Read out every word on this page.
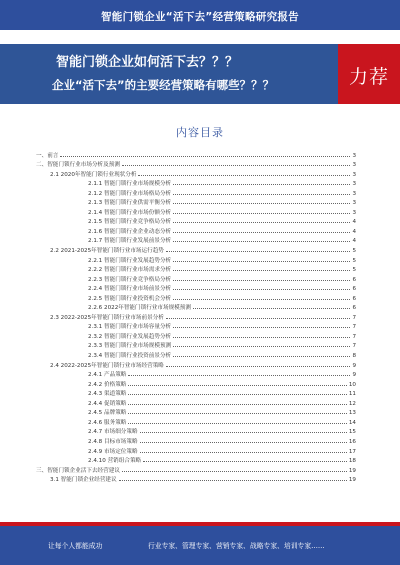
智能门锁企业“活下去”经营策略研究报告
智能门锁企业如何活下去？？？
企业“活下去”的主要经营策略有哪些？？？	力荐
内容目录
一、前言	3
二、智能门锁行业市场分析及预测	3
2.1 2020年智能门锁行业现状分析	3
2.1.1 智能门锁行业市场规模分析	3
2.1.2 智能门锁行业市场格局分析	3
2.1.3 智能门锁行业供需平衡分析	3
2.1.4 智能门锁行业市场份额分析	3
2.1.5 智能门锁行业竞争格局分析	4
2.1.6 智能门锁行业企业动态分析	4
2.1.7 智能门锁行业发展前景分析	4
2.2 2021-2025年智能门锁行业市场运行趋势	5
2.2.1 智能门锁行业发展趋势分析	5
2.2.2 智能门锁行业市场需求分析	5
2.2.3 智能门锁行业竞争格局分析	6
2.2.4 智能门锁行业市场前景分析	6
2.2.5 智能门锁行业投资机会分析	6
2.2.6 2022年智能门锁行业市场规模预测	6
2.3 2022-2025年智能门锁行业市场前景分析	7
2.3.1 智能门锁行业市场容量分析	7
2.3.2 智能门锁行业发展趋势分析	7
2.3.3 智能门锁行业市场规模预测	7
2.3.4 智能门锁行业投资前景分析	8
2.4 2022-2025年智能门锁行业市场经营策略	9
2.4.1 产品策略	9
2.4.2 价格策略	10
2.4.3 渠道策略	11
2.4.4 促销策略	12
2.4.5 品牌策略	13
2.4.6 服务策略	14
2.4.7 市场细分策略	15
2.4.8 目标市场策略	16
2.4.9 市场定位策略	17
2.4.10 营销组合策略	18
三、智能门锁企业活下去经营建议	19
3.1 智能门锁企业经营建议	19
让每个人都能成功	行业专家、管理专家、营销专家、战略专家、培训专家……
